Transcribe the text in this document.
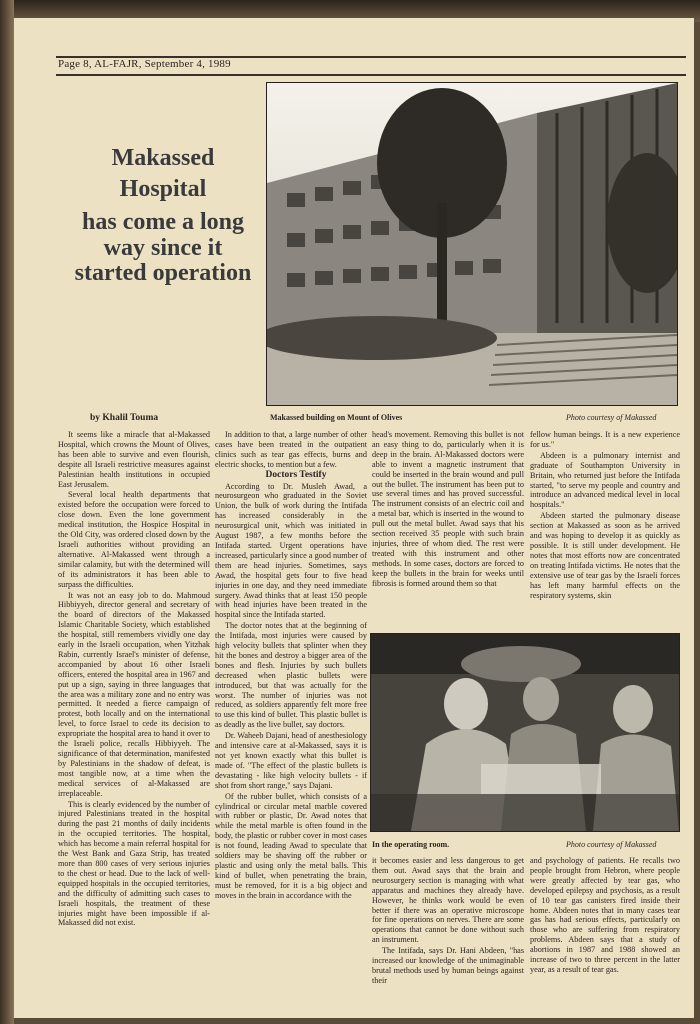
Page 8, AL-FAJR, September 4, 1989
Makassed
Hospital
has come a long
way since it
started operation
Makassed building on Mount of Olives	Photo courtesy of Makassed
by Khalil Touma

It seems like a miracle that al-Makassed Hospital, which crowns the Mount of Olives, has been able to survive and even flourish, despite all Israeli restrictive measures against Palestinian health institutions in occupied East Jerusalem.

Several local health departments that existed before the occupation were forced to close down. Even the lone government medical institution, the Hospice Hospital in the Old City, was ordered closed down by the Israeli authorities without providing an alternative. Al-Makassed went through a similar calamity, but with the determined will of its administrators it has been able to surpass the difficulties.

It was not an easy job to do. Mahmoud Hibbiyyeh, director general and secretary of the board of directors of the Makassed Islamic Charitable Society, which established the hospital, still remembers vividly one day early in the Israeli occupation, when Yitzhak Rabin, currently Israel's minister of defense, accompanied by about 16 other Israeli officers, entered the hospital area in 1967 and put up a sign, saying in three languages that the area was a military zone and no entry was permitted. It needed a fierce campaign of protest, both locally and on the international level, to force Israel to cede its decision to expropriate the hospital area to hand it over to the Israeli police, recalls Hibbiyyeh. The significance of that determination, manifested by Palestinians in the shadow of defeat, is most tangible now, at a time when the medical services of al-Makassed are irreplaceable.

This is clearly evidenced by the number of injured Palestinians treated in the hospital during the past 21 months of daily incidents in the occupied territories. The hospital, which has become a main referral hospital for the West Bank and Gaza Strip, has treated more than 800 cases of very serious injuries to the chest or head. Due to the lack of well-equipped hospitals in the occupied territories, and the difficulty of admitting such cases to Israeli hospitals, the treatment of these injuries might have been impossible if al-Makassed did not exist.

In addition to that, a large number of other cases have been treated in the outpatient clinics such as tear gas effects, burns and electric shocks, to mention but a few.

Doctors Testify

According to Dr. Musleh Awad, a neurosurgeon who graduated in the Soviet Union, the bulk of work during the Intifada has increased considerably in the neurosurgical unit, which was initiated in August 1987, a few months before the Intifada started. Urgent operations have increased, particularly since a good number of them are head injuries. Sometimes, says Awad, the hospital gets four to five head injuries in one day, and they need immediate surgery. Awad thinks that at least 150 people with head injuries have been treated in the hospital since the Intifada started.

The doctor notes that at the beginning of the Intifada, most injuries were caused by high velocity bullets that splinter when they hit the bones and destroy a bigger area of the bones and flesh. Injuries by such bullets decreased when plastic bullets were introduced, but that was actually for the worst. The number of injuries was not reduced, as soldiers apparently felt more free to use this kind of bullet. This plastic bullet is as deadly as the live bullet, say doctors.

Dr. Waheeb Dajani, head of anesthesiology and intensive care at al-Makassed, says it is not yet known exactly what this bullet is made of. "The effect of the plastic bullets is devastating - like high velocity bullets - if shot from short range," says Dajani.

Of the rubber bullet, which consists of a cylindrical or circular metal marble covered with rubber or plastic, Dr. Awad notes that while the metal marble is often found in the body, the plastic or rubber cover in most cases is not found, leading Awad to speculate that soldiers may be shaving off the rubber or plastic and using only the metal balls. This kind of bullet, when penetrating the brain, must be removed, for it is a big object and moves in the brain in accordance with the

head's movement. Removing this bullet is not an easy thing to do, particularly when it is deep in the brain. Al-Makassed doctors were able to invent a magnetic instrument that could be inserted in the brain wound and pull out the bullet. The instrument has been put to use several times and has proved successful. The instrument consists of an electric coil and a metal bar, which is inserted in the wound to pull out the metal bullet. Awad says that his section received 35 people with such brain injuries, three of whom died. The rest were treated with this instrument and other methods. In some cases, doctors are forced to keep the bullets in the brain for weeks until fibrosis is formed around them so that

fellow human beings. It is a new experience for us."

Abdeen is a pulmonary internist and graduate of Southampton University in Britain, who returned just before the Intifada started, "to serve my people and country and introduce an advanced medical level in local hospitals."

Abdeen started the pulmonary disease section at Makassed as soon as he arrived and was hoping to develop it as quickly as possible. It is still under development. He notes that most efforts now are concentrated on treating Intifada victims. He notes that the extensive use of tear gas by the Israeli forces has left many harmful effects on the respiratory systems, skin

In the operating room.	Photo courtesy of Makassed

it becomes easier and less dangerous to get them out. Awad says that the brain and neurosurgery section is managing with what apparatus and machines they already have. However, he thinks work would be even better if there was an operative microscope for fine operations on nerves. There are some operations that cannot be done without such an instrument.

The Intifada, says Dr. Hani Abdeen, "has increased our knowledge of the unimaginable brutal methods used by human beings against their

and psychology of patients. He recalls two people brought from Hebron, where people were greatly affected by tear gas, who developed epilepsy and psychosis, as a result of 10 tear gas canisters fired inside their home. Abdeen notes that in many cases tear gas has had serious effects, particularly on those who are suffering from respiratory problems. Abdeen says that a study of abortions in 1987 and 1988 showed an increase of two to three percent in the latter year, as a result of tear gas.
